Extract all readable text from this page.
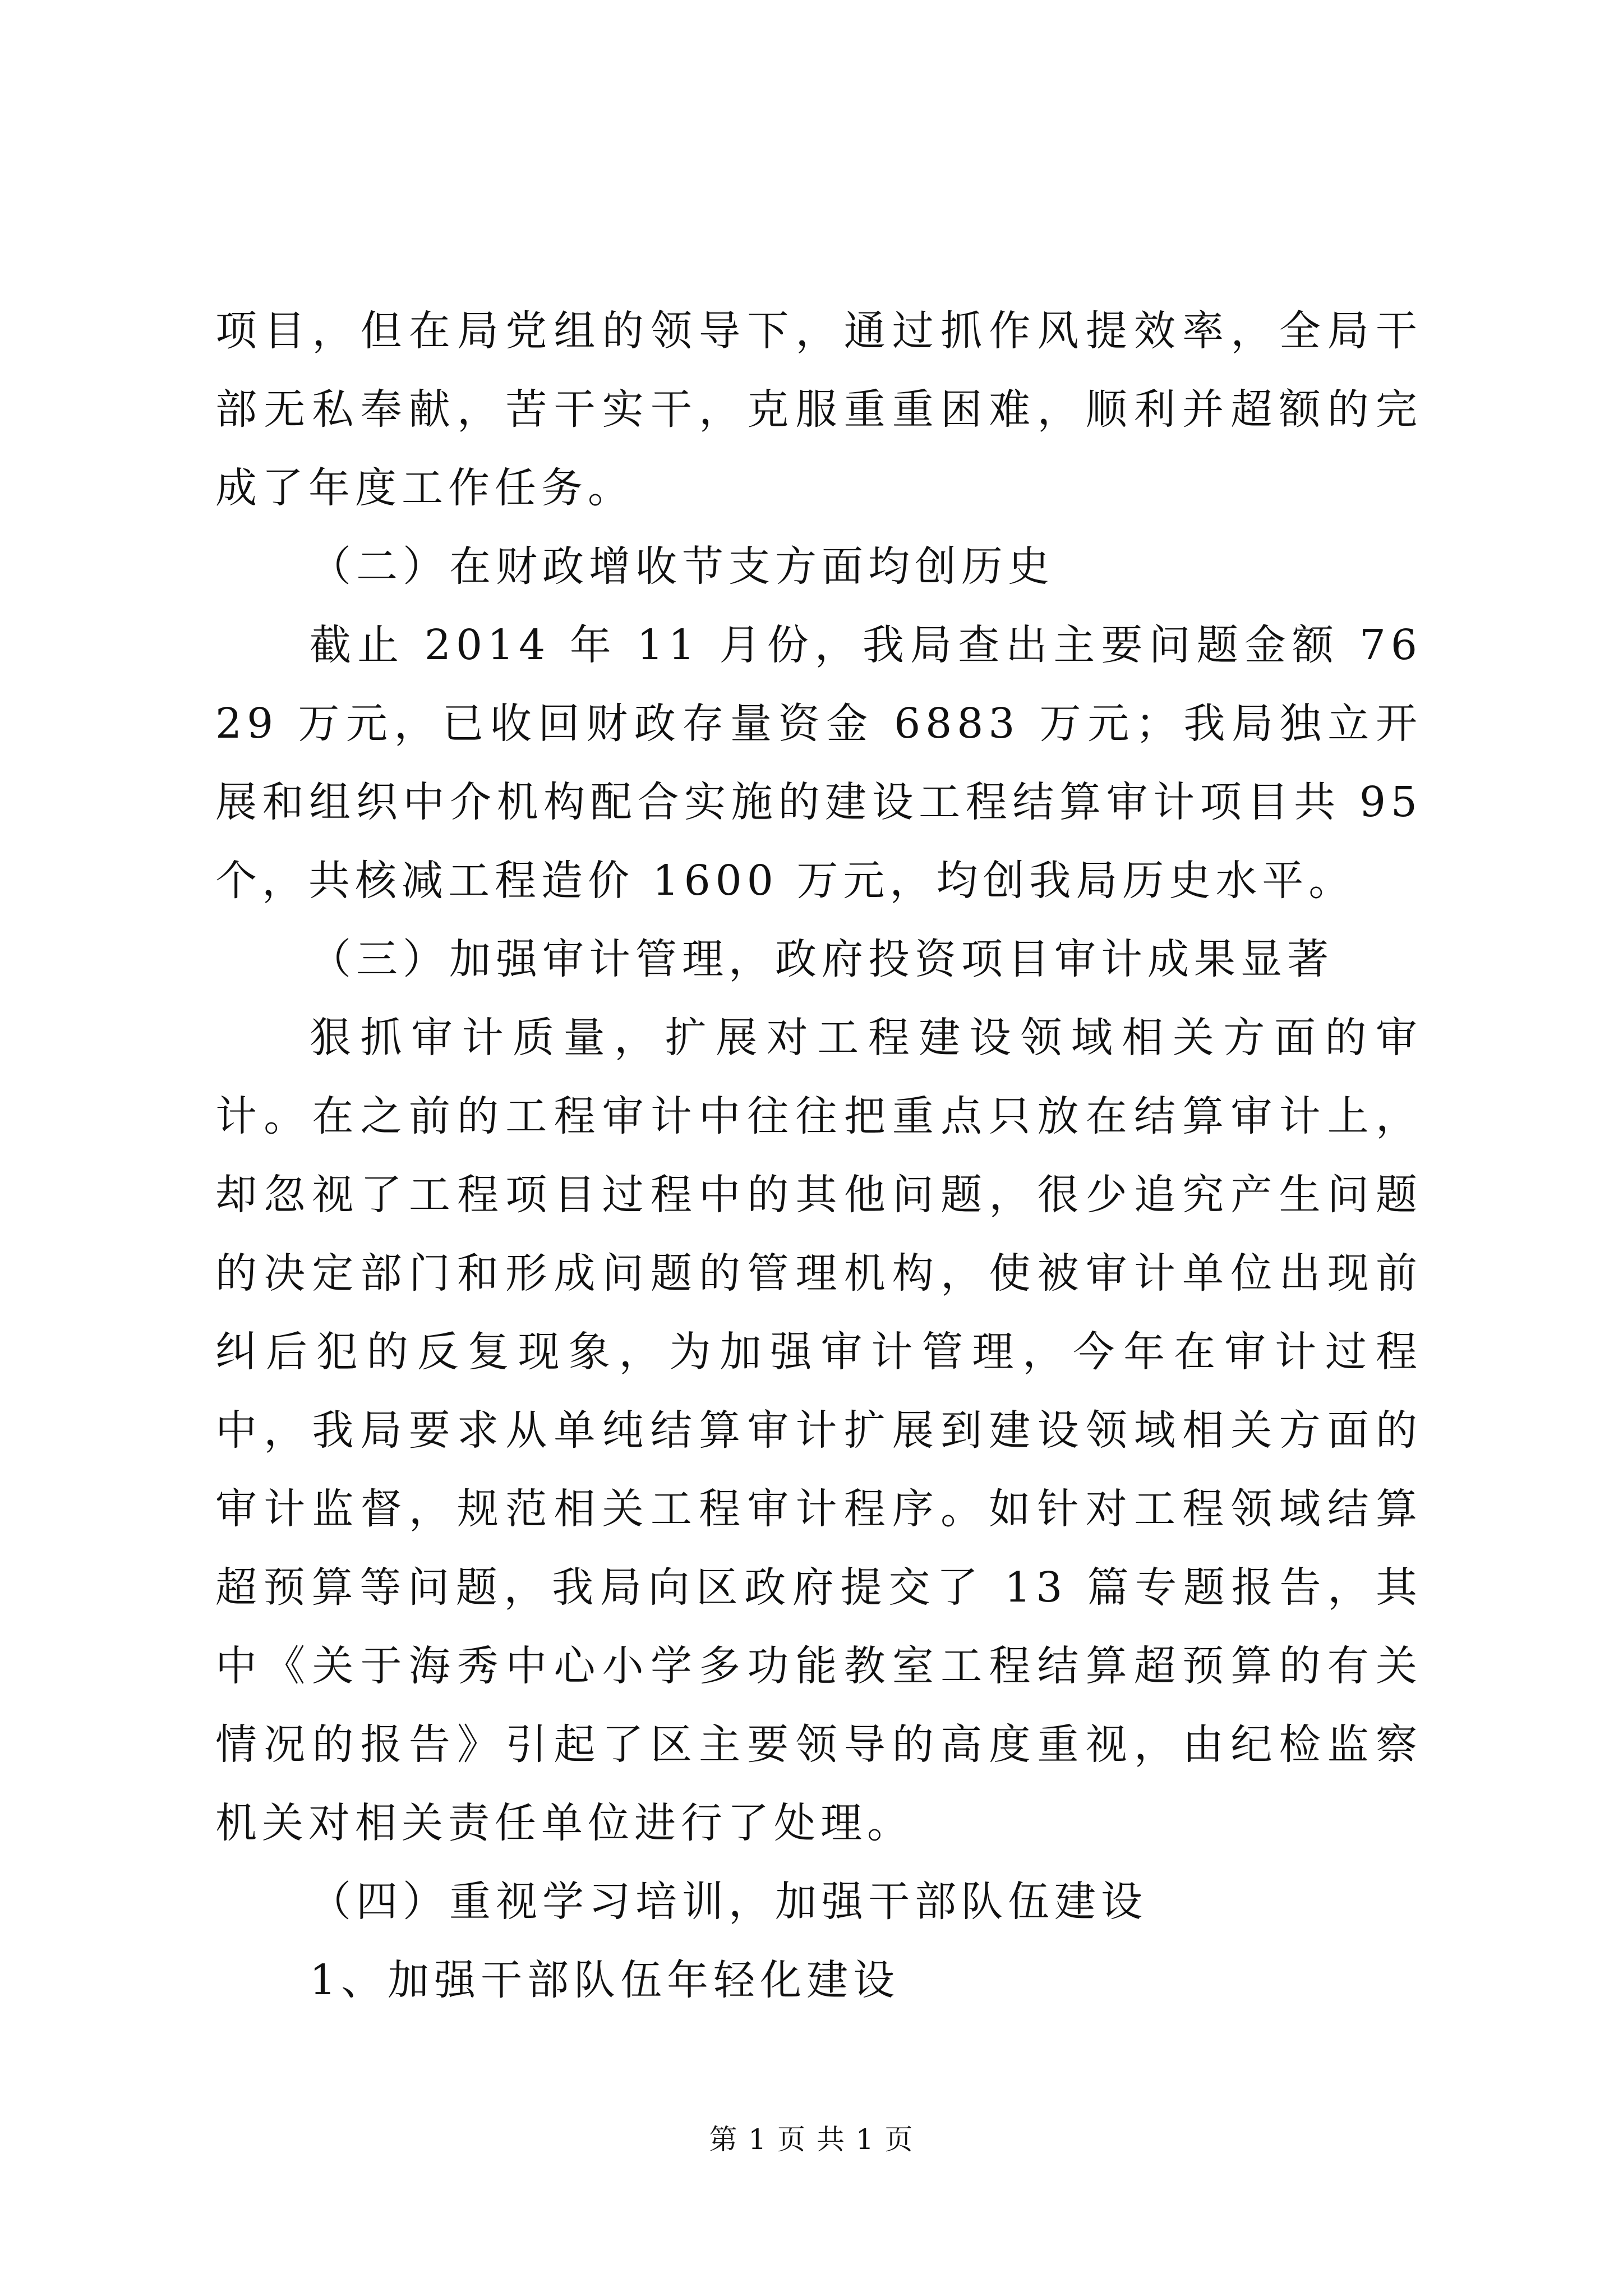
项目，但在局党组的领导下，通过抓作风提效率，全局干部无私奉献，苦干实干，克服重重困难，顺利并超额的完成了年度工作任务。

（二）在财政增收节支方面均创历史

截止 2014 年 11 月份，我局查出主要问题金额 7629 万元，已收回财政存量资金 6883 万元；我局独立开展和组织中介机构配合实施的建设工程结算审计项目共 95 个，共核减工程造价 1600 万元，均创我局历史水平。

（三）加强审计管理，政府投资项目审计成果显著

狠抓审计质量，扩展对工程建设领域相关方面的审计。在之前的工程审计中往往把重点只放在结算审计上，却忽视了工程项目过程中的其他问题，很少追究产生问题的决定部门和形成问题的管理机构，使被审计单位出现前纠后犯的反复现象，为加强审计管理，今年在审计过程中，我局要求从单纯结算审计扩展到建设领域相关方面的审计监督，规范相关工程审计程序。如针对工程领域结算超预算等问题，我局向区政府提交了 13 篇专题报告，其中《关于海秀中心小学多功能教室工程结算超预算的有关情况的报告》引起了区主要领导的高度重视，由纪检监察机关对相关责任单位进行了处理。

（四）重视学习培训，加强干部队伍建设

1、加强干部队伍年轻化建设

第 1 页 共 1 页
